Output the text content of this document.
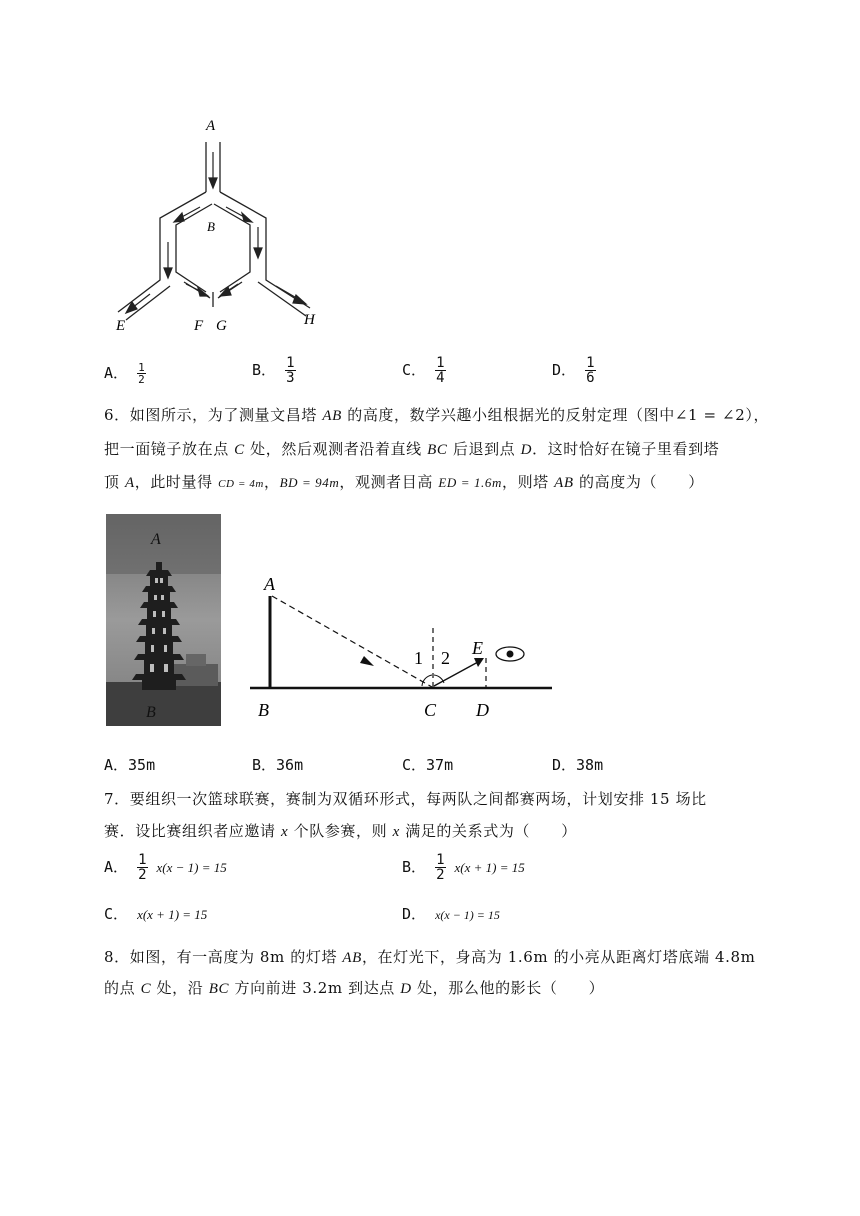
A
B
E	F G	H
A． $\frac{1}{2}$	B． $\frac{1}{3}$	C． $\frac{1}{4}$	D． $\frac{1}{6}$
6．如图所示，为了测量文昌塔 AB 的高度，数学兴趣小组根据光的反射定理（图中∠1 = ∠2），
把一面镜子放在点 C 处，然后观测者沿着直线 BC 后退到点 D．这时恰好在镜子里看到塔
顶 A，此时量得 CD = 4m，BD = 94m，观测者目高 ED = 1.6m，则塔 AB 的高度为（　　）
A
B
A
B	C D
E
1 2
A．35m	B．36m	C．37m	D．38m
7．要组织一次篮球联赛，赛制为双循环形式，每两队之间都赛两场，计划安排 15 场比
赛．设比赛组织者应邀请 x 个队参赛，则 x 满足的关系式为（　　）
A． $\frac{1}{2} x(x - 1) = 15$	B． $\frac{1}{2} x(x + 1) = 15$
C． x(x + 1) = 15	D． x(x − 1) = 15
8．如图，有一高度为 8m 的灯塔 AB，在灯光下，身高为 1.6m 的小亮从距离灯塔底端 4.8m
的点 C 处，沿 BC 方向前进 3.2m 到达点 D 处，那么他的影长（　　）
